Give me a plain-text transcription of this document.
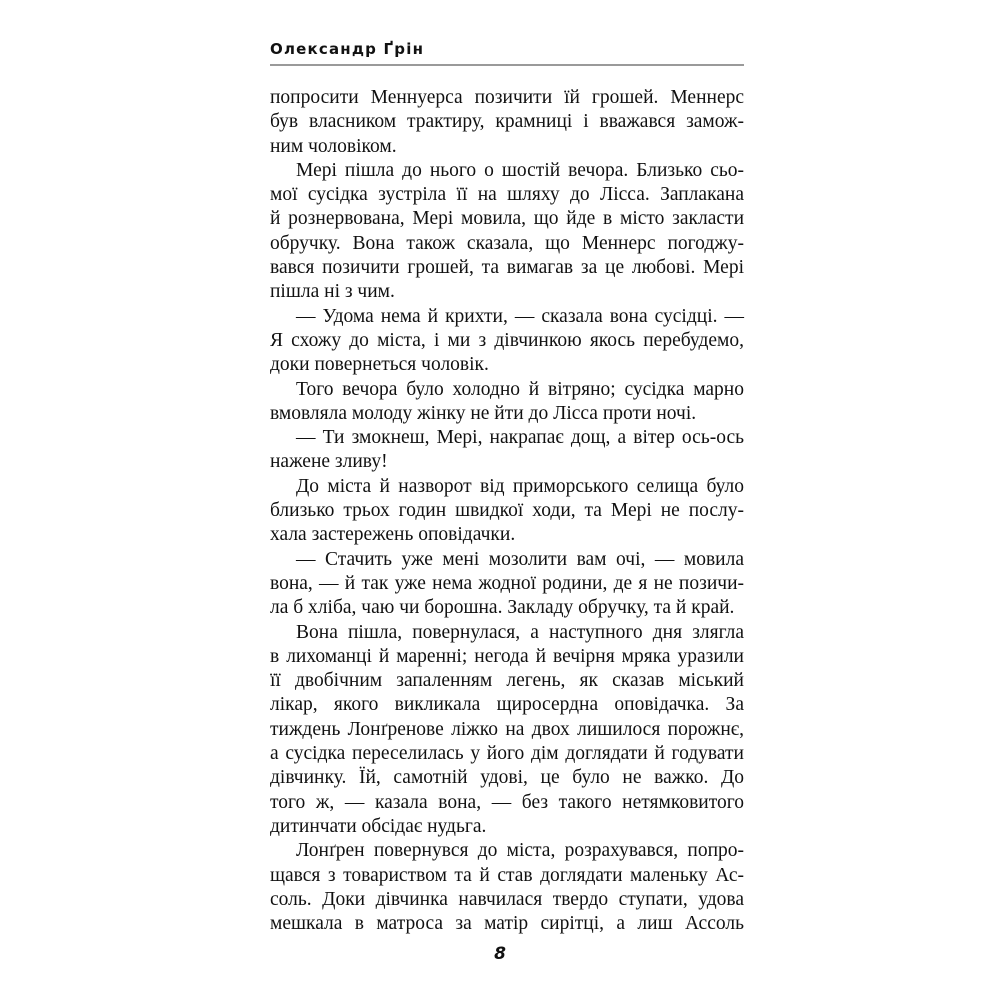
Олександр Ґрін
попросити Меннуерса позичити їй грошей. Меннерс
був власником трактиру, крамниці і вважався замож-
ним чоловіком.
Мері пішла до нього о шостій вечора. Близько сьо-
мої сусідка зустріла її на шляху до Лісса. Заплакана
й рознервована, Мері мовила, що йде в місто закласти
обручку. Вона також сказала, що Меннерс погоджу-
вався позичити грошей, та вимагав за це любові. Мері
пішла ні з чим.
— Удома нема й крихти, — сказала вона сусідці. —
Я схожу до міста, і ми з дівчинкою якось перебудемо,
доки повернеться чоловік.
Того вечора було холодно й вітряно; сусідка марно
вмовляла молоду жінку не йти до Лісса проти ночі.
— Ти змокнеш, Мері, накрапає дощ, а вітер ось-ось
нажене зливу!
До міста й назворот від приморського селища було
близько трьох годин швидкої ходи, та Мері не послу-
хала застережень оповідачки.
— Стачить уже мені мозолити вам очі, — мовила
вона, — й так уже нема жодної родини, де я не позичи-
ла б хліба, чаю чи борошна. Закладу обручку, та й край.
Вона пішла, повернулася, а наступного дня злягла
в лихоманці й маренні; негода й вечірня мряка уразили
її двобічним запаленням легень, як сказав міський
лікар, якого викликала щиросердна оповідачка. За
тиждень Лонґренове ліжко на двох лишилося порожнє,
а сусідка переселилась у його дім доглядати й годувати
дівчинку. Їй, самотній удові, це було не важко. До
того ж, — казала вона, — без такого нетямковитого
дитинчати обсідає нудьга.
Лонґрен повернувся до міста, розрахувався, попро-
щався з товариством та й став доглядати маленьку Ас-
соль. Доки дівчинка навчилася твердо ступати, удова
мешкала в матроса за матір сирітці, а лиш Ассоль
8
